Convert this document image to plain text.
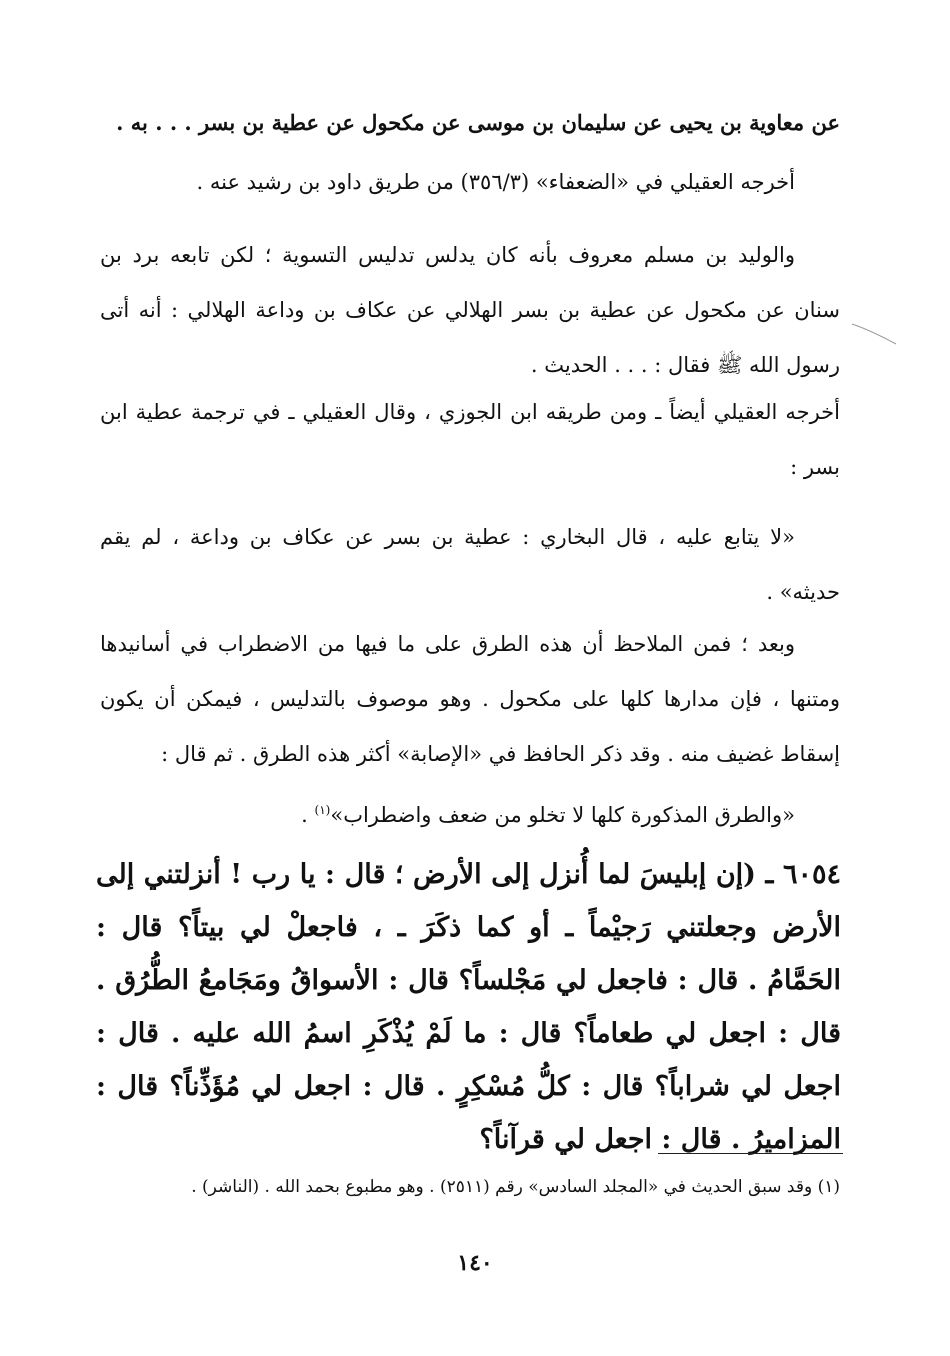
عن معاوية بن يحيى عن سليمان بن موسى عن مكحول عن عطية بن بسر . . . به .
أخرجه العقيلي في «الضعفاء» (٣٥٦/٣) من طريق داود بن رشيد عنه .
والوليد بن مسلم معروف بأنه كان يدلس تدليس التسوية ؛ لكن تابعه برد بن سنان عن مكحول عن عطية بن بسر الهلالي عن عكاف بن وداعة الهلالي : أنه أتى رسول الله ﷺ فقال : . . . الحديث .
أخرجه العقيلي أيضاً ـ ومن طريقه ابن الجوزي ، وقال العقيلي ـ في ترجمة عطية ابن بسر :
«لا يتابع عليه ، قال البخاري : عطية بن بسر عن عكاف بن وداعة ، لم يقم حديثه» .
وبعد ؛ فمن الملاحظ أن هذه الطرق على ما فيها من الاضطراب في أسانيدها ومتنها ، فإن مدارها كلها على مكحول . وهو موصوف بالتدليس ، فيمكن أن يكون إسقاط غضيف منه . وقد ذكر الحافظ في «الإصابة» أكثر هذه الطرق . ثم قال :
«والطرق المذكورة كلها لا تخلو من ضعف واضطراب»$^{(١)}$ .
٦٠٥٤ ـ (إن إبليسَ لما أُنزل إلى الأرض ؛ قال : يا رب ! أنزلتني إلى الأرض وجعلتني رَجيْماً ـ أو كما ذكَرَ ـ ، فاجعلْ لي بيتاً؟ قال : الحَمَّامُ . قال : فاجعل لي مَجْلساً؟ قال : الأسواقُ ومَجَامعُ الطُّرُق . قال : اجعل لي طعاماً؟ قال : ما لَمْ يُذْكَرِ اسمُ الله عليه . قال : اجعل لي شراباً؟ قال : كلُّ مُسْكِرٍ . قال : اجعل لي مُؤَذِّناً؟ قال : المزاميرُ . قال : اجعل لي قرآناً؟
(١) وقد سبق الحديث في «المجلد السادس» رقم (٢٥١١) . وهو مطبوع بحمد الله . (الناشر) .
١٤٠
